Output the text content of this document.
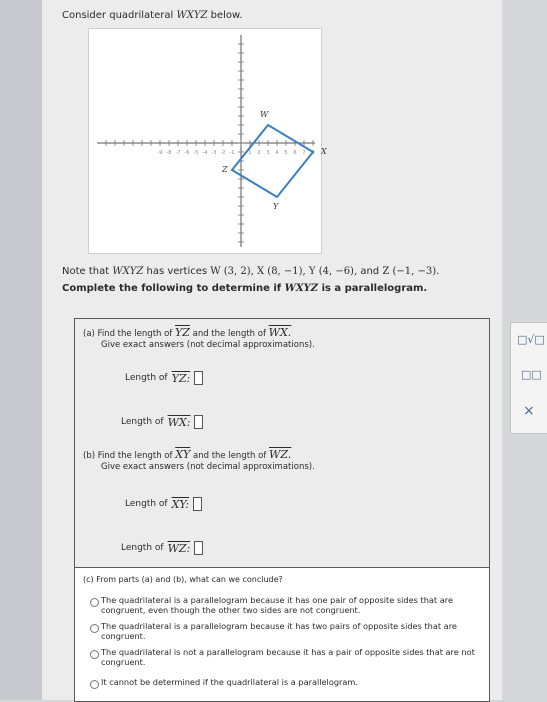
Consider quadrilateral WXYZ below.
-9 -8 -7 -6 -5 -4 -3 -2 -1	1 2 3 4 5 6 7 8
W
X
Y
Z
Note that WXYZ has vertices W (3, 2), X (8, −1), Y (4, −6), and Z (−1, −3).
Complete the following to determine if WXYZ is a parallelogram.
(a) Find the length of $\overline{YZ}$ and the length of WX.
Give exact answers (not decimal approximations).
Length of YZ:
Length of WX:
(b) Find the length of $\overline{XY}$ and the length of WZ.
Give exact answers (not decimal approximations).
Length of XY:
Length of WZ:
(c) From parts (a) and (b), what can we conclude?
The quadrilateral is a parallelogram because it has one pair of opposite sides that are congruent, even though the other two sides are not congruent.
The quadrilateral is a parallelogram because it has two pairs of opposite sides that are congruent.
The quadrilateral is not a parallelogram because it has a pair of opposite sides that are not congruent.
It cannot be determined if the quadrilateral is a parallelogram.
□√□
□□
×
